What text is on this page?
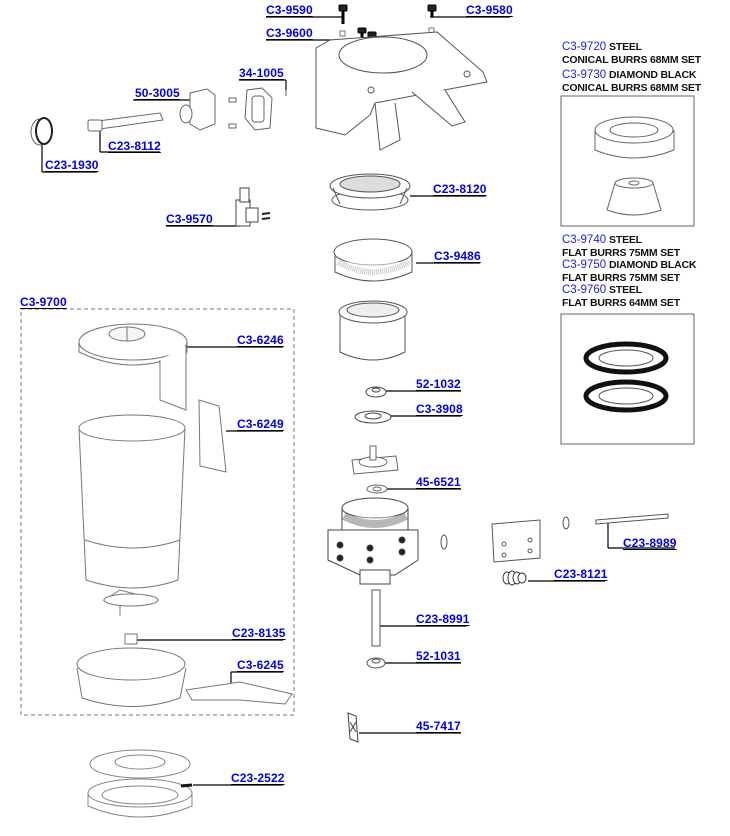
C3-9590	C3-9580
C3-9600
34-1005
50-3005
C23-8112
C23-1930
C23-8120
C3-9570
C3-9486
C3-9700
C3-6246
C3-6249
52-1032
C3-3908
45-6521
C23-8989
C23-8121
C23-8135
C3-6245
C23-8991
52-1031
45-7417
C23-2522
C3-9720 STEEL
CONICAL BURRS 68MM SET
C3-9730 DIAMOND BLACK
CONICAL BURRS 68MM SET
C3-9740 STEEL
FLAT BURRS 75MM SET
C3-9750 DIAMOND BLACK
FLAT BURRS 75MM SET
C3-9760 STEEL
FLAT BURRS 64MM SET
